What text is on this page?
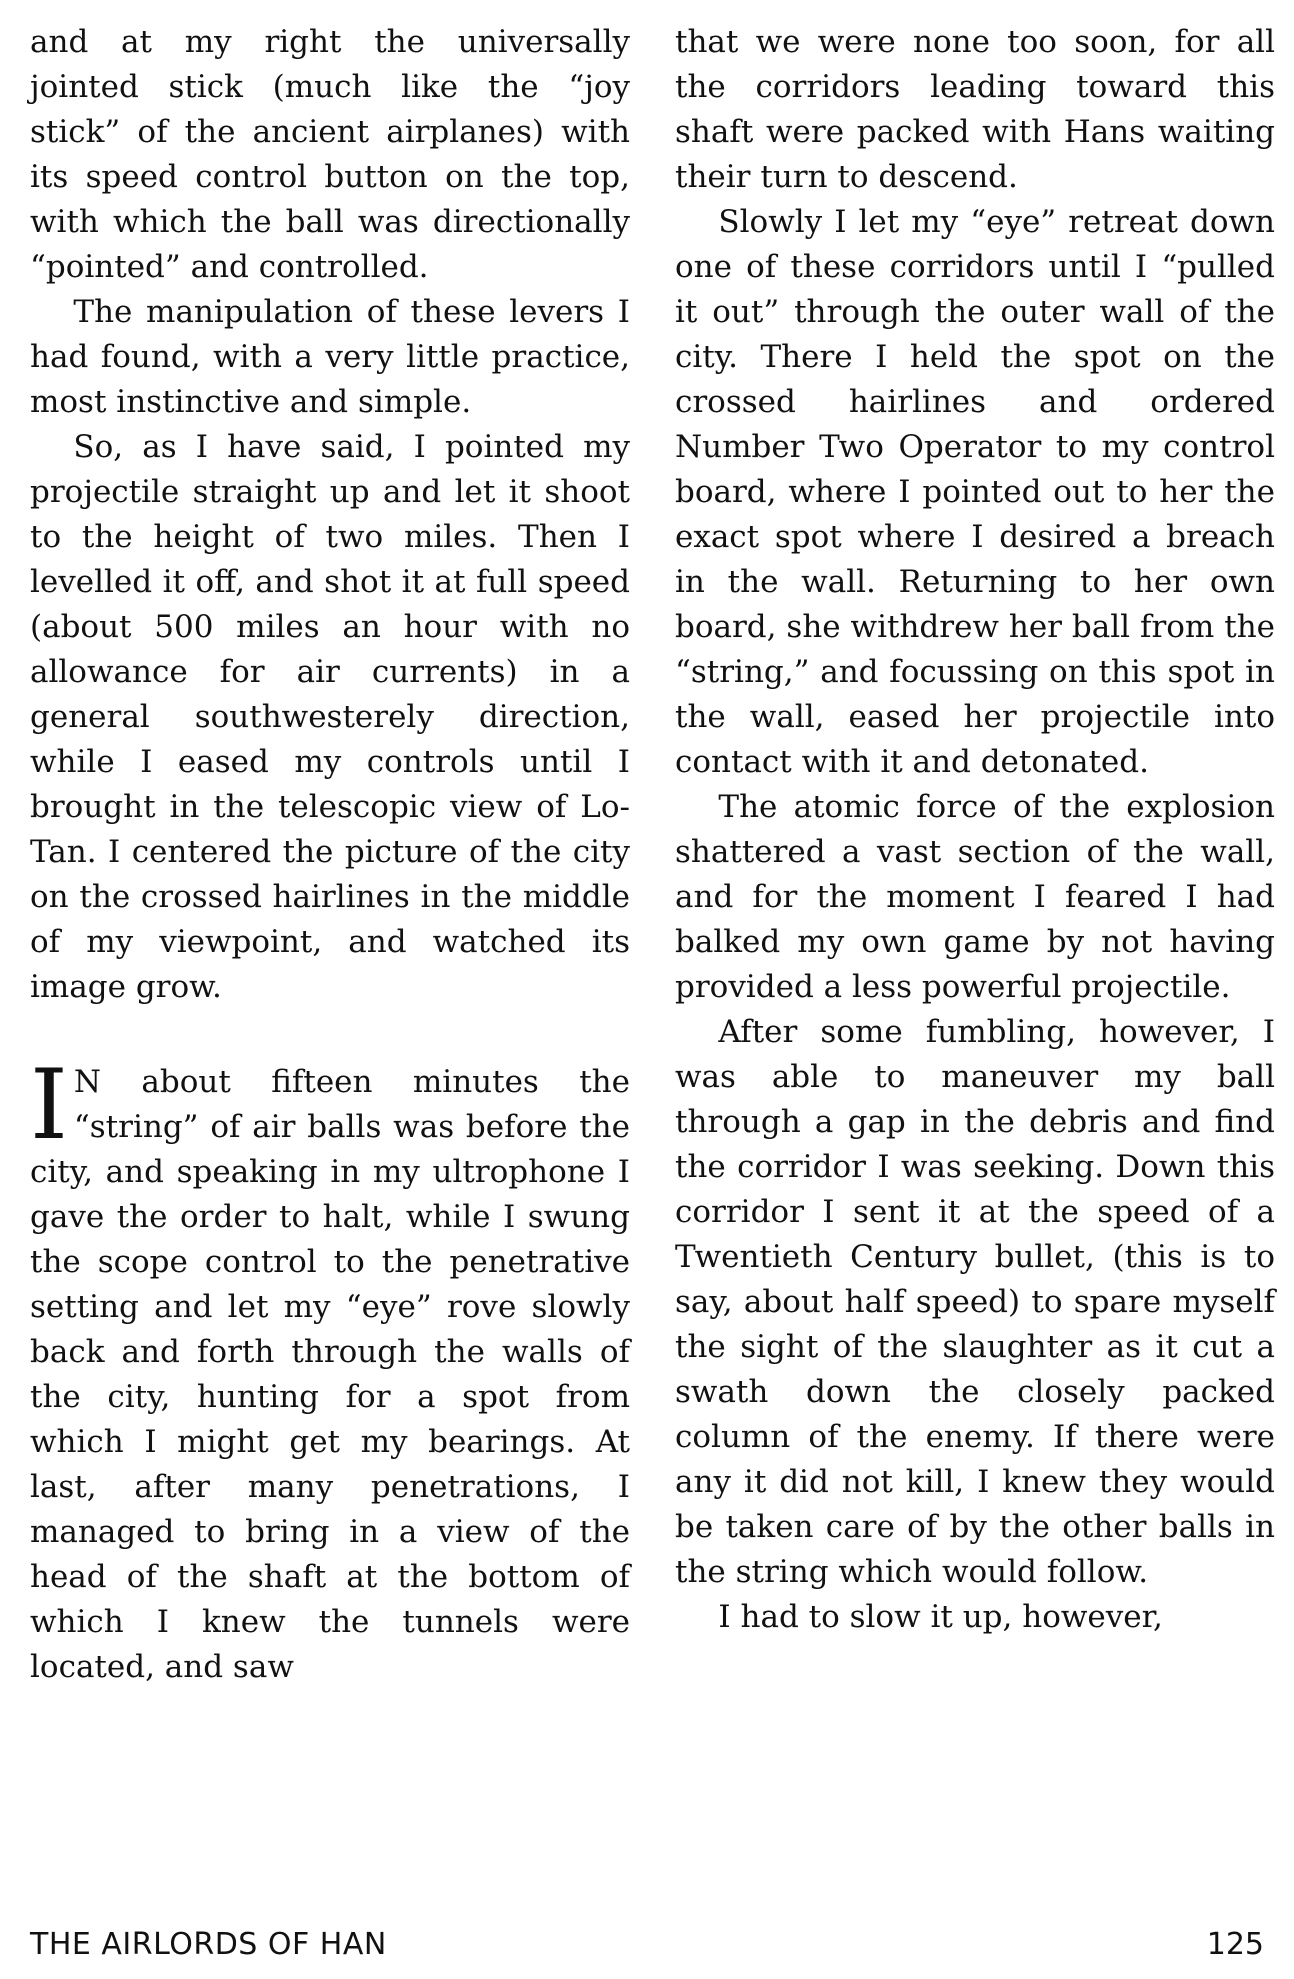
and at my right the universally jointed stick (much like the “joy stick” of the ancient airplanes) with its speed control button on the top, with which the ball was directionally “pointed” and controlled.

The manipulation of these levers I had found, with a very little practice, most instinctive and simple.

So, as I have said, I pointed my projectile straight up and let it shoot to the height of two miles. Then I levelled it off, and shot it at full speed (about 500 miles an hour with no allowance for air currents) in a general southwesterely direction, while I eased my controls until I brought in the telescopic view of Lo-Tan. I centered the picture of the city on the crossed hairlines in the middle of my viewpoint, and watched its image grow.

IN about fifteen minutes the “string” of air balls was before the city, and speaking in my ultrophone I gave the order to halt, while I swung the scope control to the penetrative setting and let my “eye” rove slowly back and forth through the walls of the city, hunting for a spot from which I might get my bearings. At last, after many penetrations, I managed to bring in a view of the head of the shaft at the bottom of which I knew the tunnels were located, and saw

that we were none too soon, for all the corridors leading toward this shaft were packed with Hans waiting their turn to descend.

Slowly I let my “eye” retreat down one of these corridors until I “pulled it out” through the outer wall of the city. There I held the spot on the crossed hairlines and ordered Number Two Operator to my control board, where I pointed out to her the exact spot where I desired a breach in the wall. Returning to her own board, she withdrew her ball from the “string,” and focussing on this spot in the wall, eased her projectile into contact with it and detonated.

The atomic force of the explosion shattered a vast section of the wall, and for the moment I feared I had balked my own game by not having provided a less powerful projectile.

After some fumbling, however, I was able to maneuver my ball through a gap in the debris and find the corridor I was seeking. Down this corridor I sent it at the speed of a Twentieth Century bullet, (this is to say, about half speed) to spare myself the sight of the slaughter as it cut a swath down the closely packed column of the enemy. If there were any it did not kill, I knew they would be taken care of by the other balls in the string which would follow.

I had to slow it up, however,

THE AIRLORDS OF HAN	125
